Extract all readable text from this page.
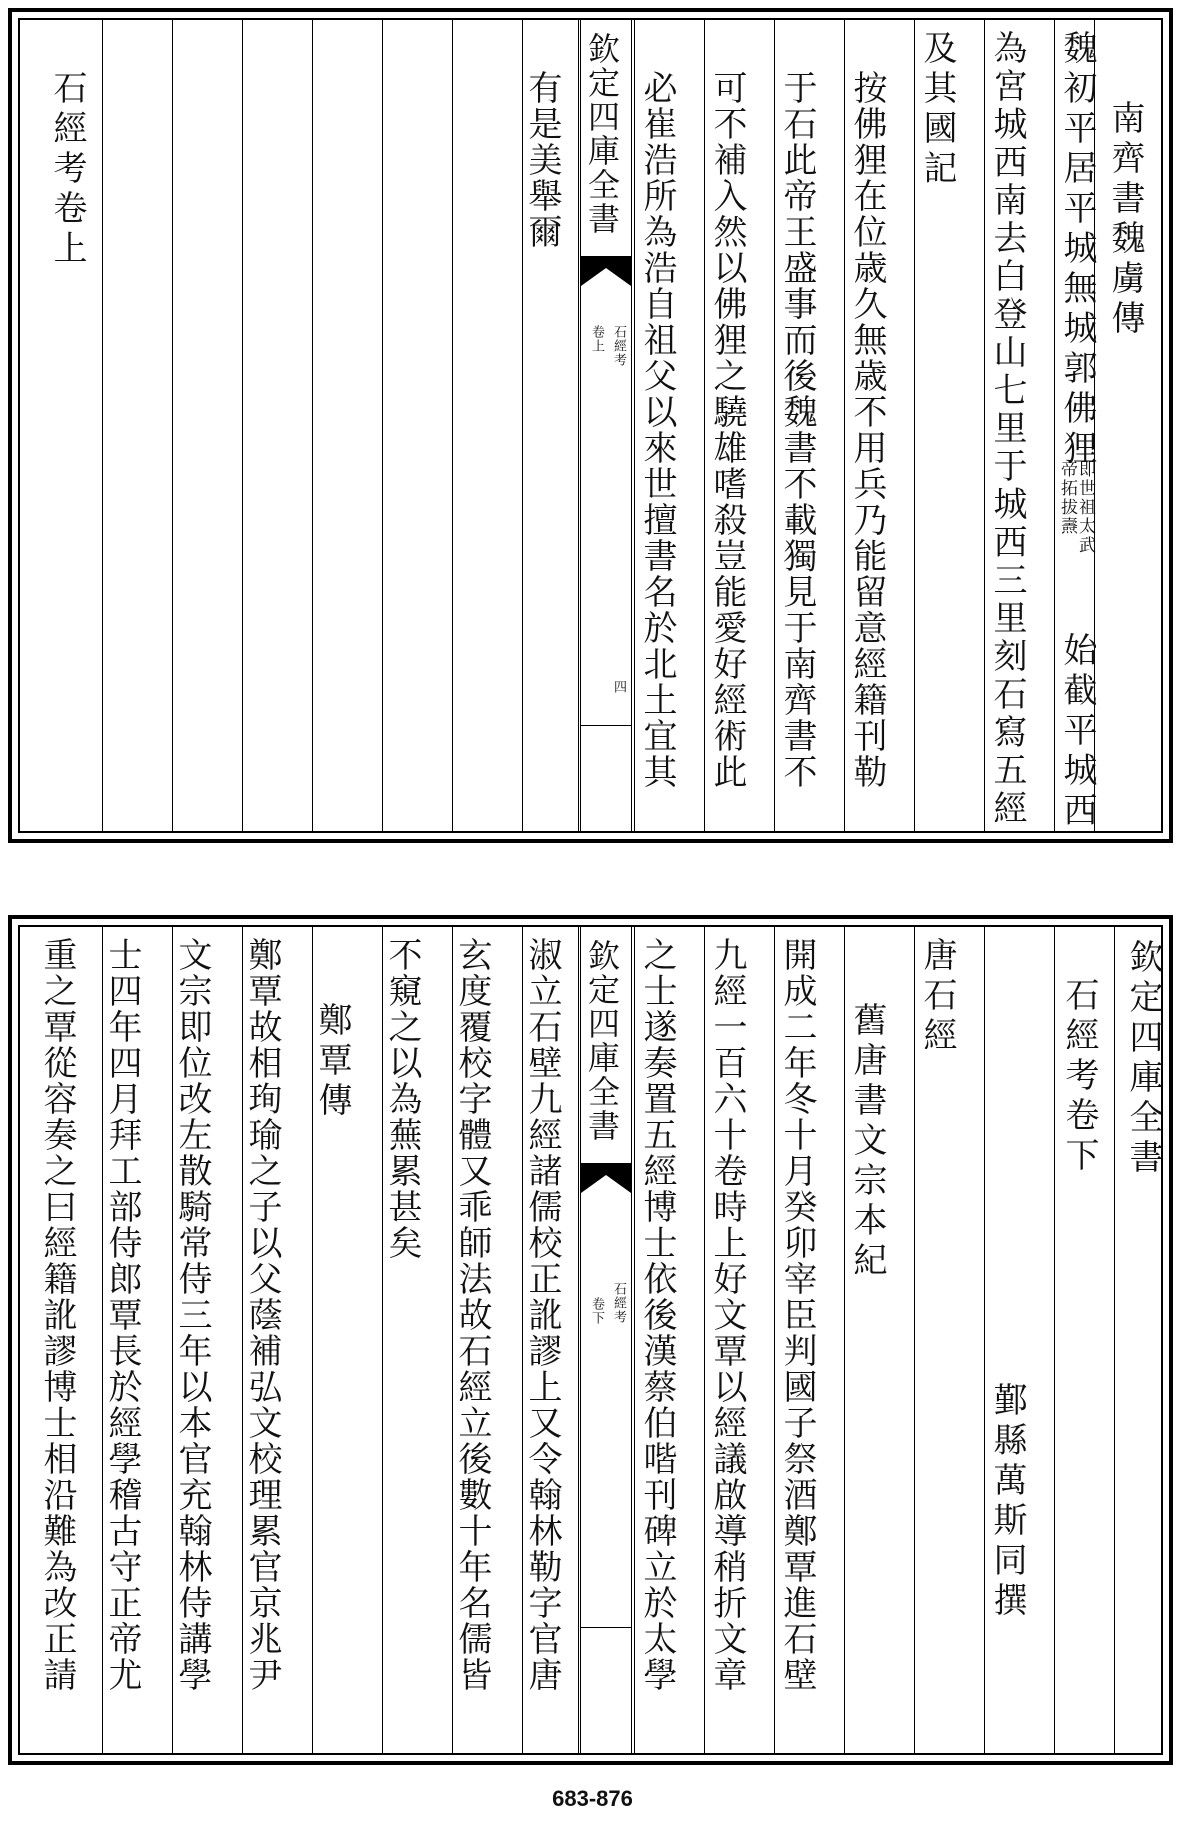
欽定四庫全書
石經考
卷上
四
南齊書魏虜傳
魏初平居平城無城郭佛狸
即世祖太武
帝拓拔燾
始截平城西
為宮城西南去白登山七里于城西三里刻石寫五經
及其國記
按佛狸在位歳久無歳不用兵乃能留意經籍刊勒
于石此帝王盛事而後魏書不載獨見于南齊書不
可不補入然以佛狸之驍雄嗜殺豈能愛好經術此
必崔浩所為浩自祖父以來世擅書名於北土宜其
有是美舉爾
石經考卷上
欽定四庫全書
石經考
卷下
欽定四庫全書
石經考卷下
鄞縣萬斯同撰
唐石經
舊唐書文宗本紀
開成二年冬十月癸卯宰臣判國子祭酒鄭覃進石壁
九經一百六十卷時上好文覃以經議啟導稍折文章
之士遂奏置五經博士依後漢蔡伯喈刊碑立於太學
淑立石壁九經諸儒校正訛謬上又令翰林勒字官唐
玄度覆校字體又乖師法故石經立後數十年名儒皆
不窺之以為蕪累甚矣
鄭覃傳
鄭覃故相珣瑜之子以父蔭補弘文校理累官京兆尹
文宗即位改左散騎常侍三年以本官充翰林侍講學
士四年四月拜工部侍郎覃長於經學稽古守正帝尤
重之覃從容奏之曰經籍訛謬博士相沿難為改正請
683-876
